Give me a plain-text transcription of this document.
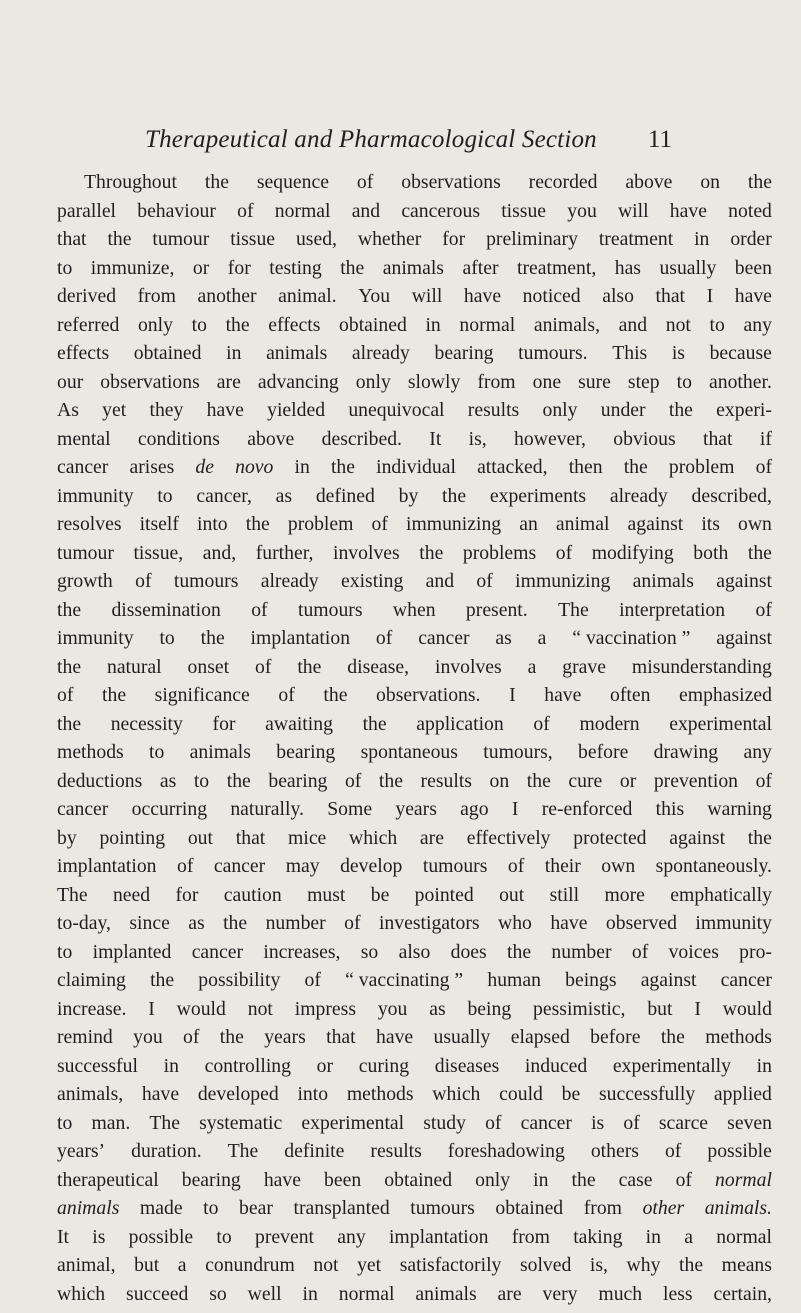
Therapeutical and Pharmacological Section 11
Throughout the sequence of observations recorded above on the
parallel behaviour of normal and cancerous tissue you will have noted
that the tumour tissue used, whether for preliminary treatment in order
to immunize, or for testing the animals after treatment, has usually been
derived from another animal. You will have noticed also that I have
referred only to the effects obtained in normal animals, and not to any
effects obtained in animals already bearing tumours. This is because
our observations are advancing only slowly from one sure step to another.
As yet they have yielded unequivocal results only under the experi-
mental conditions above described. It is, however, obvious that if
cancer arises de novo in the individual attacked, then the problem of
immunity to cancer, as defined by the experiments already described,
resolves itself into the problem of immunizing an animal against its own
tumour tissue, and, further, involves the problems of modifying both the
growth of tumours already existing and of immunizing animals against
the dissemination of tumours when present. The interpretation of
immunity to the implantation of cancer as a “ vaccination ” against
the natural onset of the disease, involves a grave misunderstanding
of the significance of the observations. I have often emphasized
the necessity for awaiting the application of modern experimental
methods to animals bearing spontaneous tumours, before drawing any
deductions as to the bearing of the results on the cure or prevention of
cancer occurring naturally. Some years ago I re-enforced this warning
by pointing out that mice which are effectively protected against the
implantation of cancer may develop tumours of their own spontaneously.
The need for caution must be pointed out still more emphatically
to-day, since as the number of investigators who have observed immunity
to implanted cancer increases, so also does the number of voices pro-
claiming the possibility of “ vaccinating ” human beings against cancer
increase. I would not impress you as being pessimistic, but I would
remind you of the years that have usually elapsed before the methods
successful in controlling or curing diseases induced experimentally in
animals, have developed into methods which could be successfully applied
to man. The systematic experimental study of cancer is of scarce seven
years’ duration. The definite results foreshadowing others of possible
therapeutical bearing have been obtained only in the case of normal
animals made to bear transplanted tumours obtained from other animals.
It is possible to prevent any implantation from taking in a normal
animal, but a conundrum not yet satisfactorily solved is, why the means
which succeed so well in normal animals are very much less certain,
